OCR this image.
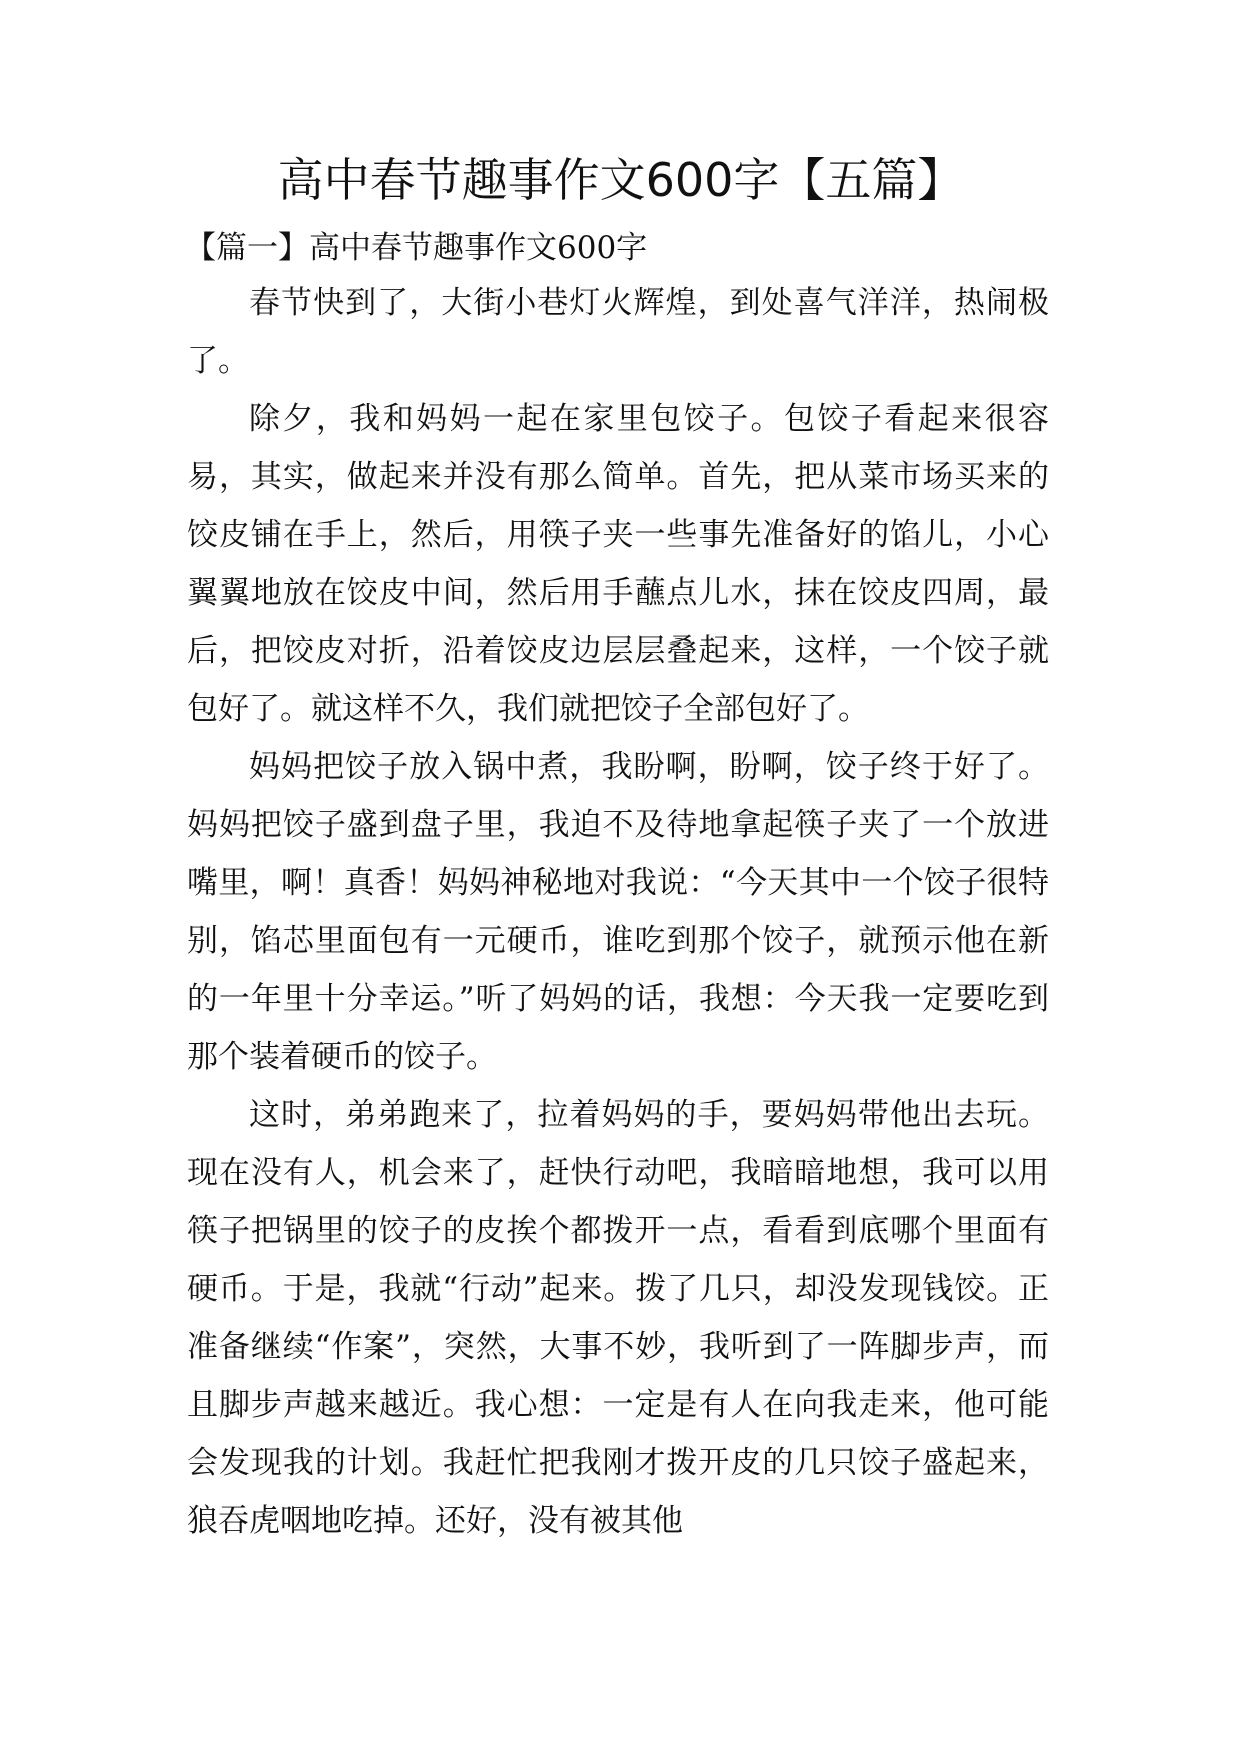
高中春节趣事作文600字【五篇】
【篇一】高中春节趣事作文600字

春节快到了，大街小巷灯火辉煌，到处喜气洋洋，热闹极了。

除夕，我和妈妈一起在家里包饺子。包饺子看起来很容易，其实，做起来并没有那么简单。首先，把从菜市场买来的饺皮铺在手上，然后，用筷子夹一些事先准备好的馅儿，小心翼翼地放在饺皮中间，然后用手蘸点儿水，抹在饺皮四周，最后，把饺皮对折，沿着饺皮边层层叠起来，这样，一个饺子就包好了。就这样不久，我们就把饺子全部包好了。

妈妈把饺子放入锅中煮，我盼啊，盼啊，饺子终于好了。妈妈把饺子盛到盘子里，我迫不及待地拿起筷子夹了一个放进嘴里，啊！真香！妈妈神秘地对我说：“今天其中一个饺子很特别，馅芯里面包有一元硬币，谁吃到那个饺子，就预示他在新的一年里十分幸运。”听了妈妈的话，我想：今天我一定要吃到那个装着硬币的饺子。

这时，弟弟跑来了，拉着妈妈的手，要妈妈带他出去玩。现在没有人，机会来了，赶快行动吧，我暗暗地想，我可以用筷子把锅里的饺子的皮挨个都拨开一点，看看到底哪个里面有硬币。于是，我就“行动”起来。拨了几只，却没发现钱饺。正准备继续“作案”，突然，大事不妙，我听到了一阵脚步声，而且脚步声越来越近。我心想：一定是有人在向我走来，他可能会发现我的计划。我赶忙把我刚才拨开皮的几只饺子盛起来，狼吞虎咽地吃掉。还好，没有被其他
